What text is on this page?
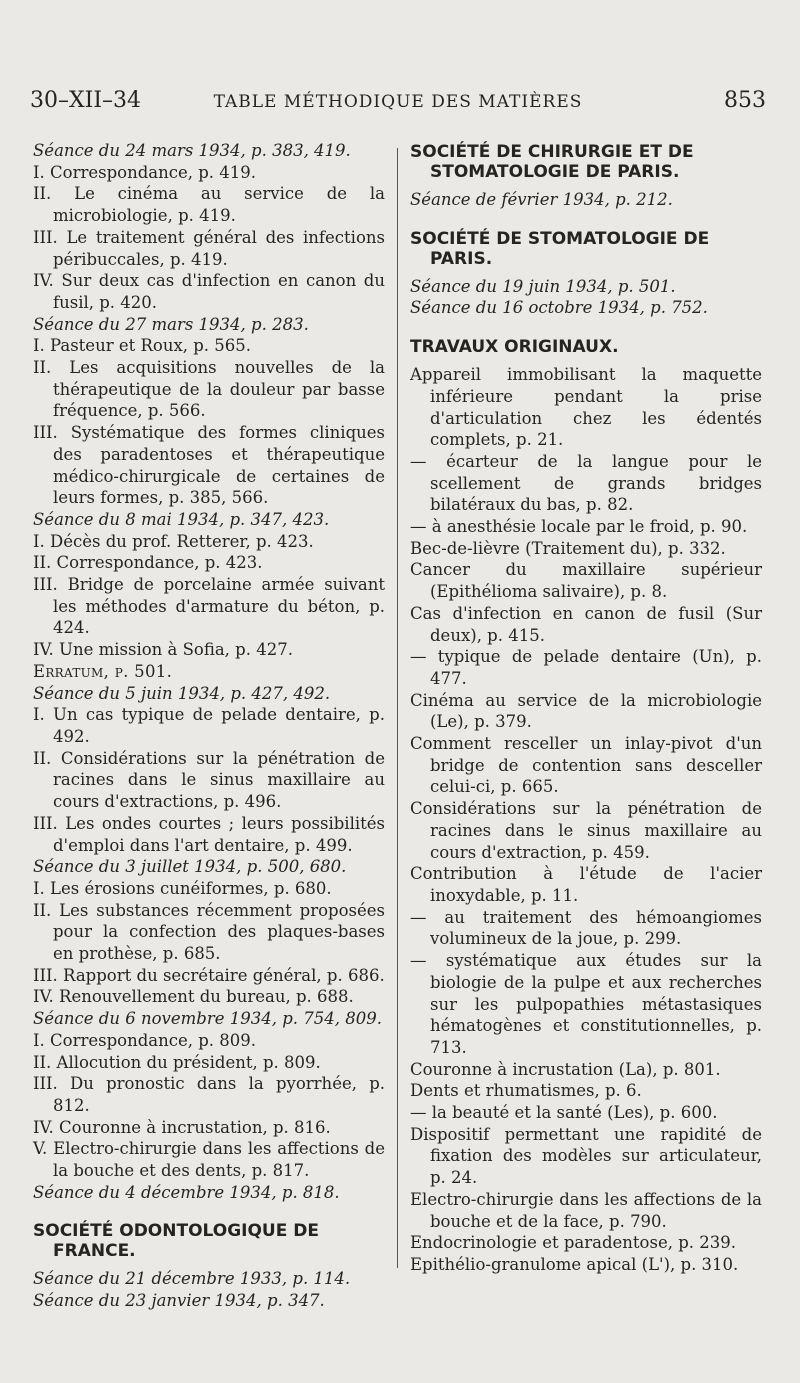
30–XII–34	TABLE MÉTHODIQUE DES MATIÈRES	853
Séance du 24 mars 1934, p. 383, 419.
I. Correspondance, p. 419.
II. Le cinéma au service de la microbiologie, p. 419.
III. Le traitement général des infections péribuccales, p. 419.
IV. Sur deux cas d'infection en canon du fusil, p. 420.
Séance du 27 mars 1934, p. 283.
I. Pasteur et Roux, p. 565.
II. Les acquisitions nouvelles de la thérapeutique de la douleur par basse fréquence, p. 566.
III. Systématique des formes cliniques des paradentoses et thérapeutique médico-chirurgicale de certaines de leurs formes, p. 385, 566.
Séance du 8 mai 1934, p. 347, 423.
I. Décès du prof. Retterer, p. 423.
II. Correspondance, p. 423.
III. Bridge de porcelaine armée suivant les méthodes d'armature du béton, p. 424.
IV. Une mission à Sofia, p. 427.
Erratum, p. 501.
Séance du 5 juin 1934, p. 427, 492.
I. Un cas typique de pelade dentaire, p. 492.
II. Considérations sur la pénétration de racines dans le sinus maxillaire au cours d'extractions, p. 496.
III. Les ondes courtes ; leurs possibilités d'emploi dans l'art dentaire, p. 499.
Séance du 3 juillet 1934, p. 500, 680.
I. Les érosions cunéiformes, p. 680.
II. Les substances récemment proposées pour la confection des plaques-bases en prothèse, p. 685.
III. Rapport du secrétaire général, p. 686.
IV. Renouvellement du bureau, p. 688.
Séance du 6 novembre 1934, p. 754, 809.
I. Correspondance, p. 809.
II. Allocution du président, p. 809.
III. Du pronostic dans la pyorrhée, p. 812.
IV. Couronne à incrustation, p. 816.
V. Electro-chirurgie dans les affections de la bouche et des dents, p. 817.
Séance du 4 décembre 1934, p. 818.
SOCIÉTÉ ODONTOLOGIQUE DE FRANCE.
Séance du 21 décembre 1933, p. 114.
Séance du 23 janvier 1934, p. 347.
SOCIÉTÉ DE CHIRURGIE ET DE STOMATOLOGIE DE PARIS.
Séance de février 1934, p. 212.
SOCIÉTÉ DE STOMATOLOGIE DE PARIS.
Séance du 19 juin 1934, p. 501.
Séance du 16 octobre 1934, p. 752.
TRAVAUX ORIGINAUX.
Appareil immobilisant la maquette inférieure pendant la prise d'articulation chez les édentés complets, p. 21.
— écarteur de la langue pour le scellement de grands bridges bilatéraux du bas, p. 82.
— à anesthésie locale par le froid, p. 90.
Bec-de-lièvre (Traitement du), p. 332.
Cancer du maxillaire supérieur (Epithélioma salivaire), p. 8.
Cas d'infection en canon de fusil (Sur deux), p. 415.
— typique de pelade dentaire (Un), p. 477.
Cinéma au service de la microbiologie (Le), p. 379.
Comment resceller un inlay-pivot d'un bridge de contention sans desceller celui-ci, p. 665.
Considérations sur la pénétration de racines dans le sinus maxillaire au cours d'extraction, p. 459.
Contribution à l'étude de l'acier inoxydable, p. 11.
— au traitement des hémoangiomes volumineux de la joue, p. 299.
— systématique aux études sur la biologie de la pulpe et aux recherches sur les pulpopathies métastasiques hématogènes et constitutionnelles, p. 713.
Couronne à incrustation (La), p. 801.
Dents et rhumatismes, p. 6.
— la beauté et la santé (Les), p. 600.
Dispositif permettant une rapidité de fixation des modèles sur articulateur, p. 24.
Electro-chirurgie dans les affections de la bouche et de la face, p. 790.
Endocrinologie et paradentose, p. 239.
Epithélio-granulome apical (L'), p. 310.
